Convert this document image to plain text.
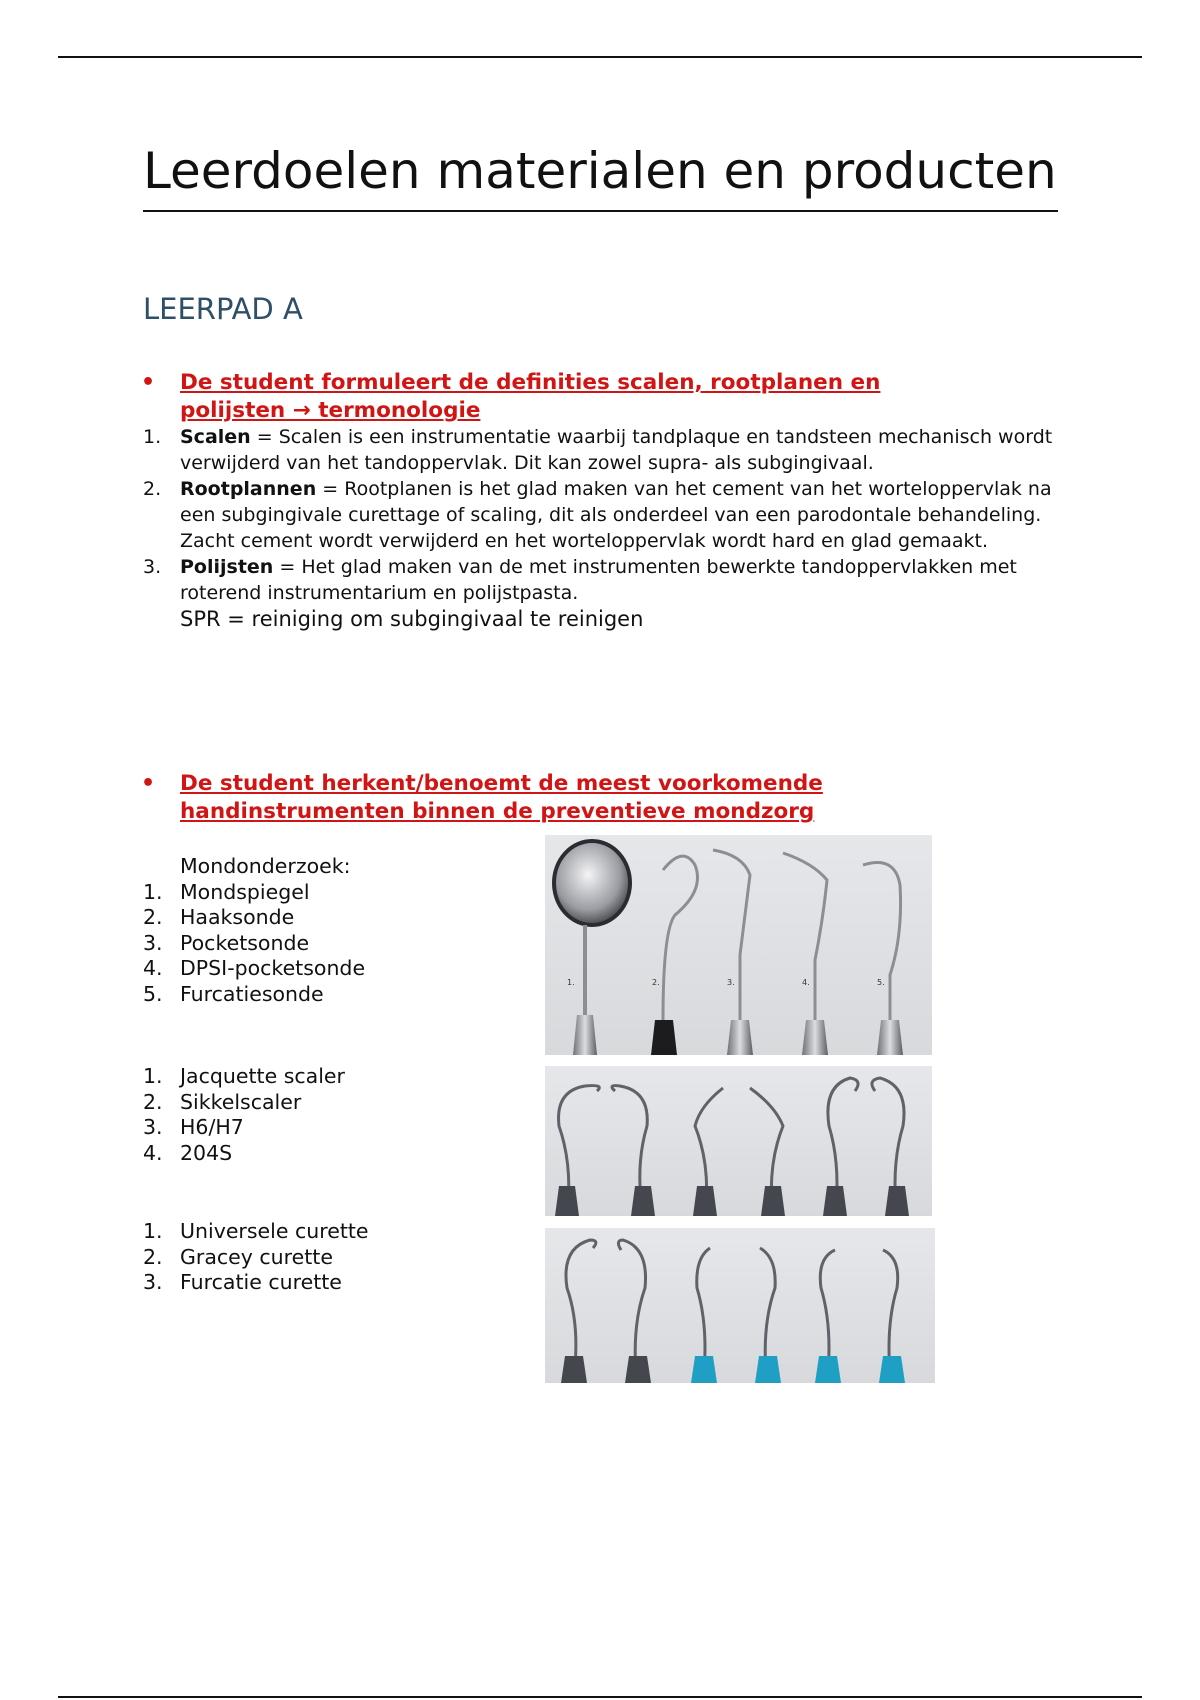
Leerdoelen materialen en producten
LEERPAD A
• De student formuleert de definities scalen, rootplanen en polijsten → termonologie
1. Scalen = Scalen is een instrumentatie waarbij tandplaque en tandsteen mechanisch wordt verwijderd van het tandoppervlak. Dit kan zowel supra- als subgingivaal.
2. Rootplannen = Rootplanen is het glad maken van het cement van het worteloppervlak na een subgingivale curettage of scaling, dit als onderdeel van een parodontale behandeling. Zacht cement wordt verwijderd en het worteloppervlak wordt hard en glad gemaakt.
3. Polijsten = Het glad maken van de met instrumenten bewerkte tandoppervlakken met roterend instrumentarium en polijstpasta.
SPR = reiniging om subgingivaal te reinigen
• De student herkent/benoemt de meest voorkomende handinstrumenten binnen de preventieve mondzorg
Mondonderzoek:
1. Mondspiegel
2. Haaksonde
3. Pocketsonde
4. DPSI-pocketsonde
5. Furcatiesonde
1. Jacquette scaler
2. Sikkelscaler
3. H6/H7
4. 204S
1. Universele curette
2. Gracey curette
3. Furcatie curette
1.	2.	3.	4.	5.
